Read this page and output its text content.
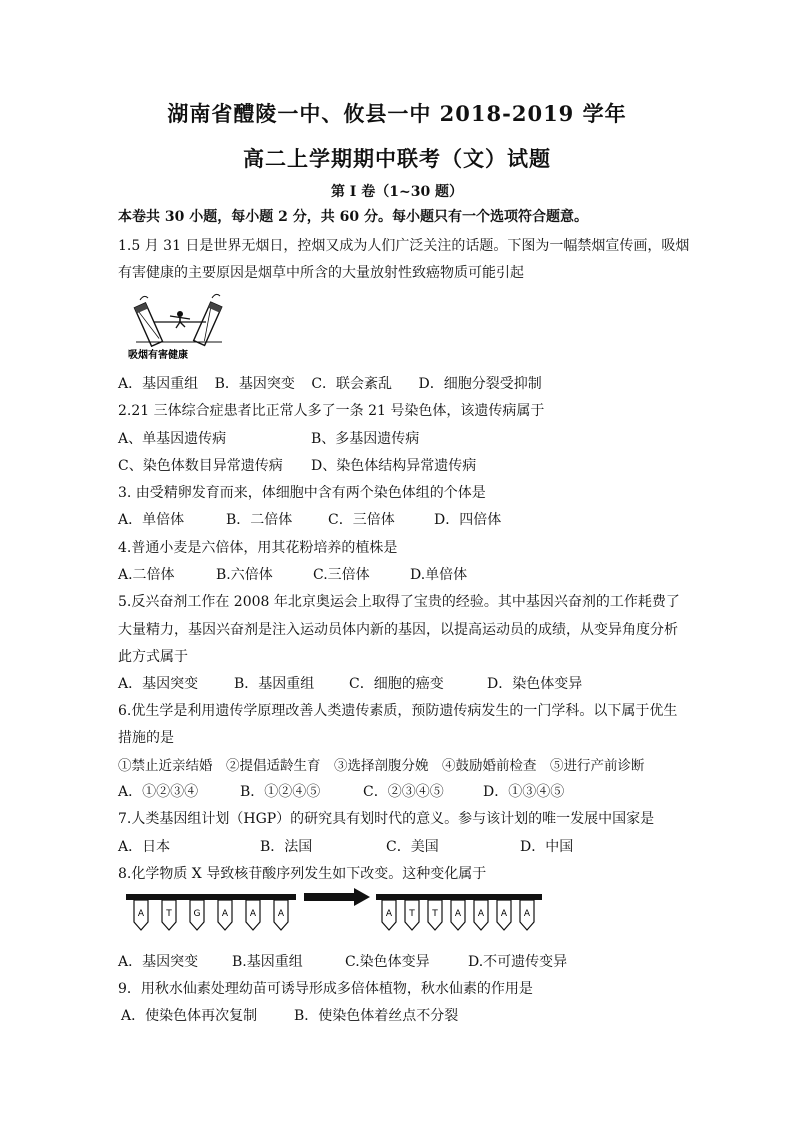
湖南省醴陵一中、攸县一中 2018-2019 学年
高二上学期期中联考（文）试题
第 I 卷（1~30 题）
本卷共 30 小题，每小题 2 分，共 60 分。每小题只有一个选项符合题意。
1.5 月 31 日是世界无烟日，控烟又成为人们广泛关注的话题。下图为一幅禁烟宣传画，吸烟
有害健康的主要原因是烟草中所含的大量放射性致癌物质可能引起
吸烟有害健康
A．基因重组 B．基因突变 C．联会紊乱 D．细胞分裂受抑制
2.21 三体综合症患者比正常人多了一条 21 号染色体，该遗传病属于
A、单基因遗传病	B、多基因遗传病
C、染色体数目异常遗传病 D、染色体结构异常遗传病
3. 由受精卵发育而来，体细胞中含有两个染色体组的个体是
A．单倍体	B．二倍体	C．三倍体	D．四倍体
4.普通小麦是六倍体，用其花粉培养的植株是
A.二倍体	B.六倍体	C.三倍体	D.单倍体
5.反兴奋剂工作在 2008 年北京奥运会上取得了宝贵的经验。其中基因兴奋剂的工作耗费了
大量精力，基因兴奋剂是注入运动员体内新的基因，以提高运动员的成绩，从变异角度分析
此方式属于
A．基因突变	B．基因重组 C．细胞的癌变	D．染色体变异
6.优生学是利用遗传学原理改善人类遗传素质，预防遗传病发生的一门学科。以下属于优生
措施的是
①禁止近亲结婚　②提倡适龄生育　③选择剖腹分娩　④鼓励婚前检查　⑤进行产前诊断
A．①②③④	B．①②④⑤	C．②③④⑤	D．①③④⑤
7.人类基因组计划（HGP）的研究具有划时代的意义。参与该计划的唯一发展中国家是
A．日本	B．法国	C．美国	D．中国
8.化学物质 X 导致核苷酸序列发生如下改变。这种变化属于
A T G A A A	A T T A A A A
A．基因突变 B.基因重组	C.染色体变异	D.不可遗传变异
9．用秋水仙素处理幼苗可诱导形成多倍体植物，秋水仙素的作用是
A．使染色体再次复制	B．使染色体着丝点不分裂
